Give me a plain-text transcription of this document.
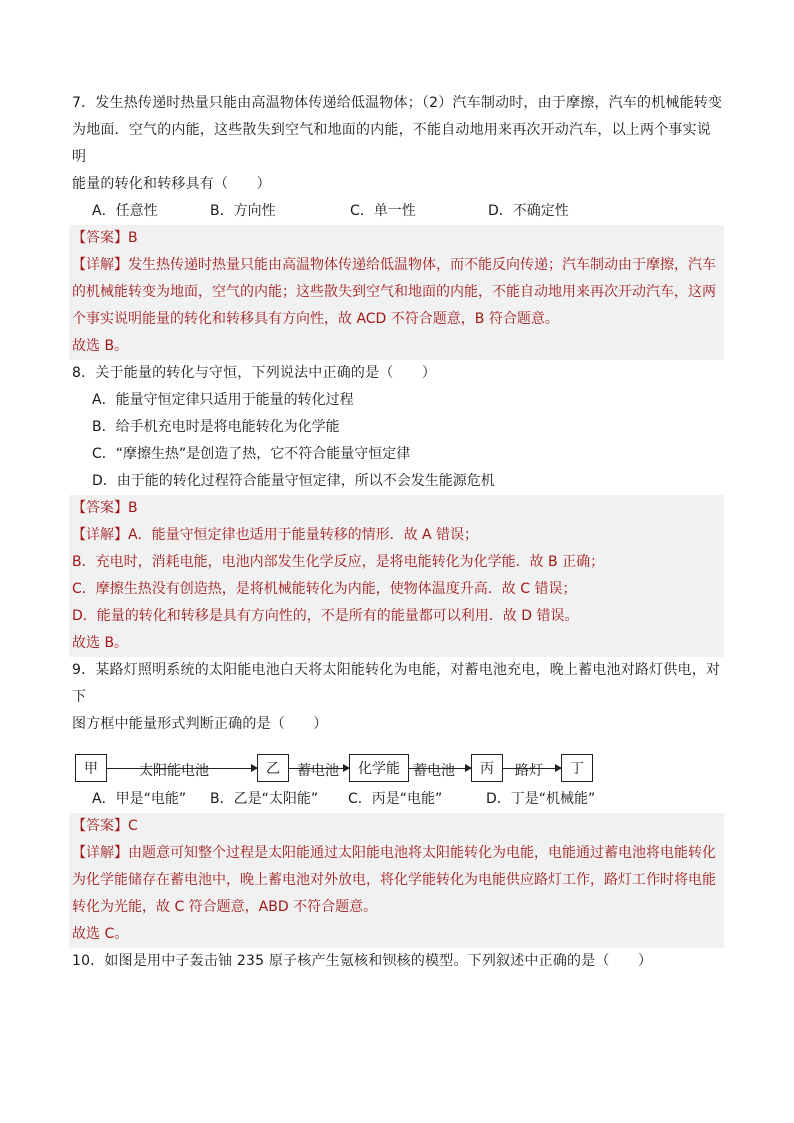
7．发生热传递时热量只能由高温物体传递给低温物体；（2）汽车制动时，由于摩擦，汽车的机械能转变

为地面．空气的内能，这些散失到空气和地面的内能，不能自动地用来再次开动汽车，以上两个事实说明

能量的转化和转移具有（　　）

A．任意性	B．方向性	C．单一性	D．不确定性

【答案】B

【详解】发生热传递时热量只能由高温物体传递给低温物体，而不能反向传递；汽车制动由于摩擦，汽车

的机械能转变为地面，空气的内能；这些散失到空气和地面的内能，不能自动地用来再次开动汽车，这两

个事实说明能量的转化和转移具有方向性，故 ACD 不符合题意，B 符合题意。

故选 B。

8．关于能量的转化与守恒，下列说法中正确的是（　　）

A．能量守恒定律只适用于能量的转化过程
B．给手机充电时是将电能转化为化学能
C．“摩擦生热”是创造了热，它不符合能量守恒定律
D．由于能的转化过程符合能量守恒定律，所以不会发生能源危机

【答案】B

【详解】A．能量守恒定律也适用于能量转移的情形．故 A 错误；

B．充电时，消耗电能，电池内部发生化学反应，是将电能转化为化学能．故 B 正确；

C．摩擦生热没有创造热，是将机械能转化为内能，使物体温度升高．故 C 错误；

D．能量的转化和转移是具有方向性的，不是所有的能量都可以利用．故 D 错误。

故选 B。

9．某路灯照明系统的太阳能电池白天将太阳能转化为电能，对蓄电池充电，晚上蓄电池对路灯供电，对下

图方框中能量形式判断正确的是（　　）

甲	太阳能电池	乙	蓄电池	化学能 蓄电池	丙	路灯	丁
A．甲是“电能”	B．乙是“太阳能”	C．丙是“电能”	D．丁是“机械能”

【答案】C

【详解】由题意可知整个过程是太阳能通过太阳能电池将太阳能转化为电能，电能通过蓄电池将电能转化

为化学能储存在蓄电池中，晚上蓄电池对外放电，将化学能转化为电能供应路灯工作，路灯工作时将电能

转化为光能，故 C 符合题意，ABD 不符合题意。

故选 C。

10．如图是用中子轰击铀 235 原子核产生氪核和钡核的模型。下列叙述中正确的是（　　）
